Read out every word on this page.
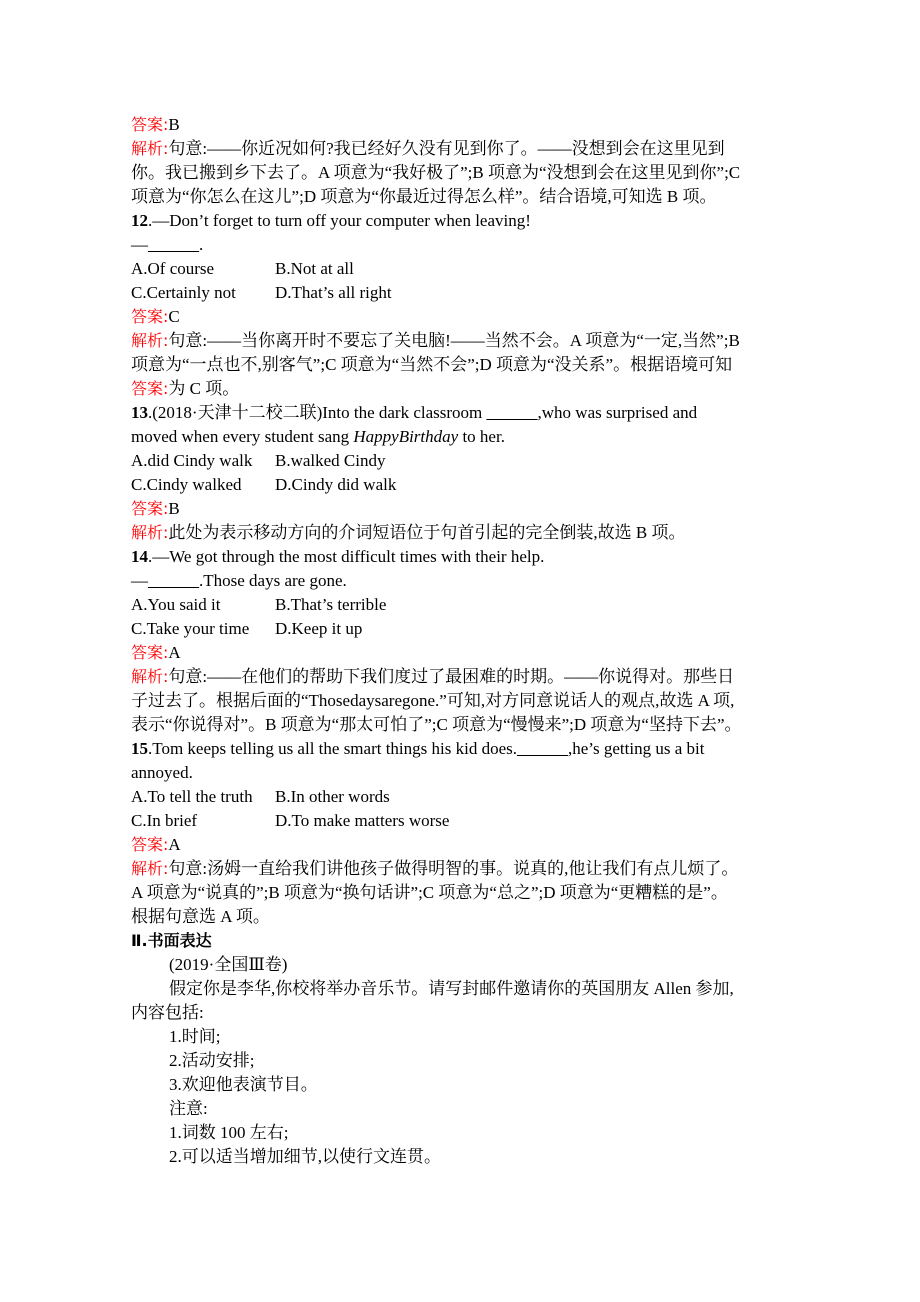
答案:B
解析:句意:——你近况如何?我已经好久没有见到你了。——没想到会在这里见到
你。我已搬到乡下去了。A 项意为“我好极了”;B 项意为“没想到会在这里见到你”;C
项意为“你怎么在这儿”;D 项意为“你最近过得怎么样”。结合语境,可知选 B 项。
12.—Don’t forget to turn off your computer when leaving!
—______.
A.Of course	B.Not at all
C.Certainly not	D.That’s all right
答案:C
解析:句意:——当你离开时不要忘了关电脑!——当然不会。A 项意为“一定,当然”;B
项意为“一点也不,别客气”;C 项意为“当然不会”;D 项意为“没关系”。根据语境可知
答案:为 C 项。
13.(2018·天津十二校二联)Into the dark classroom ______,who was surprised and
moved when every student sang HappyBirthday to her.
A.did Cindy walk	B.walked Cindy
C.Cindy walked	D.Cindy did walk
答案:B
解析:此处为表示移动方向的介词短语位于句首引起的完全倒装,故选 B 项。
14.—We got through the most difficult times with their help.
—______.Those days are gone.
A.You said it	B.That’s terrible
C.Take your time	D.Keep it up
答案:A
解析:句意:——在他们的帮助下我们度过了最困难的时期。——你说得对。那些日
子过去了。根据后面的“Thosedaysaregone.”可知,对方同意说话人的观点,故选 A 项,
表示“你说得对”。B 项意为“那太可怕了”;C 项意为“慢慢来”;D 项意为“坚持下去”。
15.Tom keeps telling us all the smart things his kid does.______,he’s getting us a bit
annoyed.
A.To tell the truth	B.In other words
C.In brief	D.To make matters worse
答案:A
解析:句意:汤姆一直给我们讲他孩子做得明智的事。说真的,他让我们有点儿烦了。
A 项意为“说真的”;B 项意为“换句话讲”;C 项意为“总之”;D 项意为“更糟糕的是”。
根据句意选 A 项。
Ⅱ.书面表达
(2019·全国Ⅲ卷)
假定你是李华,你校将举办音乐节。请写封邮件邀请你的英国朋友 Allen 参加,
内容包括:
1.时间;
2.活动安排;
3.欢迎他表演节目。
注意:
1.词数 100 左右;
2.可以适当增加细节,以使行文连贯。
